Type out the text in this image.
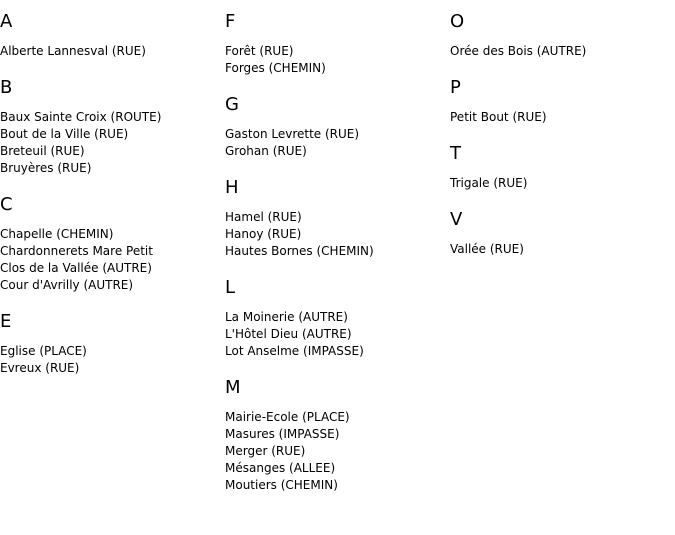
A
Alberte Lannesval (RUE)
B
Baux Sainte Croix (ROUTE)
Bout de la Ville (RUE)
Breteuil (RUE)
Bruyères (RUE)
C
Chapelle (CHEMIN)
Chardonnerets Mare Petit
Clos de la Vallée (AUTRE)
Cour d'Avrilly (AUTRE)
E
Eglise (PLACE)
Evreux (RUE)
F
Forêt (RUE)
Forges (CHEMIN)
G
Gaston Levrette (RUE)
Grohan (RUE)
H
Hamel (RUE)
Hanoy (RUE)
Hautes Bornes (CHEMIN)
L
La Moinerie (AUTRE)
L'Hôtel Dieu (AUTRE)
Lot Anselme (IMPASSE)
M
Mairie-Ecole (PLACE)
Masures (IMPASSE)
Merger (RUE)
Mésanges (ALLEE)
Moutiers (CHEMIN)
O
Orée des Bois (AUTRE)
P
Petit Bout (RUE)
T
Trigale (RUE)
V
Vallée (RUE)
